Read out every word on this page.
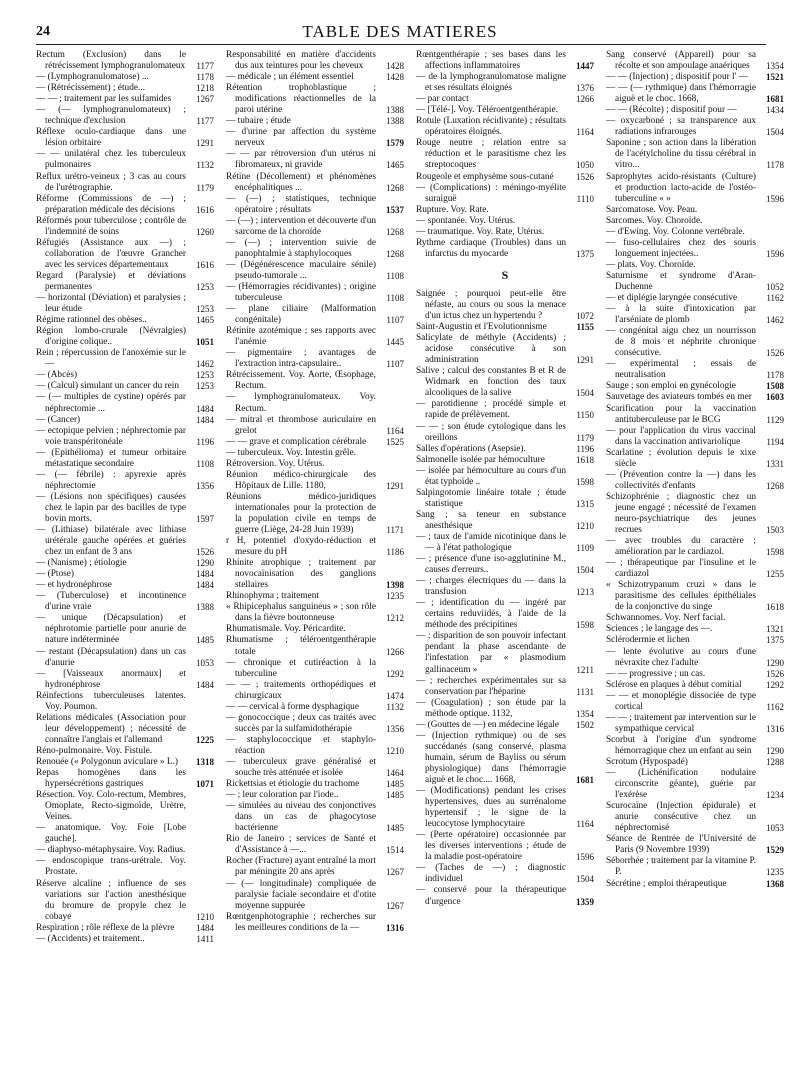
24	TABLE DES MATIERES
Rectum (Exclusion) dans le rétrécissement lymphogranulomateux 1177
— (Lymphogranulomatose) ...	1178
— (Rétrécissement) ; étude...	1218
— — ; traitement par les sulfamides	1267
— (— lymphogranulomateux) ; technique d'exclusion	1177
Réflexe oculo-cardiaque dans une lésion orbitaire	1291
— — unilatéral chez les tuberculeux pulmonaires	1132
Reflux urétro-veineux ; 3 cas au cours de l'urétrographie.	1179
Réforme (Commissions de —) ; préparation médicale des décisions 1616
Réformés pour tuberculose ; contrôle de l'indemnité de soins	1260
Réfugiés (Assistance aux —) ; collaboration de l'œuvre Grancher avec les services départementaux	1616
Regard (Paralysie) et déviations permanentes	1253
— horizontal (Déviation) et paralysies ; leur étude	1253
Régime rationnel des obèses..	1465
Région lombo-crurale (Névralgies) d'origine colique..	1051
Rein ; répercussion de l'anoxémie sur le —	1462
— (Abcès)	1253
— (Calcul) simulant un cancer du rein 1253
— (— multiples de cystine) opérés par néphrectomie ...	1484
— (Cancer)	1484
— ectopique pelvien ; néphrectomie par voie transpéritonéale	1196
— (Epithélioma) et tumeur orbitaire métastatique secondaire	1108
— (— fébrile) : apyrexie après néphrectomie	1356
— (Lésions non spécifiques) causées chez le lapin par des bacilles de type bovin morts.	1597
— (Lithiase) bilatérale avec lithiase urétérale gauche opérées et guéries chez un enfant de 3 ans	1526
— (Nanisme) ; étiologie	1290
— (Ptose)	1484
— et hydronéphrose	1484
— (Tuberculose) et incontinence d'urine vraie	1388
— unique (Décapsulation) et néphrotomie partielle pour anurie de nature indéterminée	1485
— restant (Décapsulation) dans un cas d'anurie	1053
— [Vaisseaux anormaux] et hydronéphrose	1484
Réinfections tuberculeuses latentes. Voy. Poumon.
Relations médicales (Association pour leur développement) ; nécessité de connaître l'anglais et l'allemand	1225
Réno-pulmonaire. Voy. Fistule.
Renouée (« Polygonun aviculare » L.) 1318
Repas homogènes dans les hypersécrétions gastriques	1071
Résection. Voy. Colo-rectum, Membres, Omoplate, Recto-sigmoïde, Urètre, Veines.
— anatomique. Voy. Foie [Lobe gauche].
— diaphyso-métaphysaire. Voy. Radius.
— endoscopique trans-urétrale. Voy. Prostate.
Réserve alcaline ; influence de ses variations sur l'action anesthésique du bromure de propyle chez le cobaye	1210
Respiration ; rôle réflexe de la plèvre 1484
— (Accidents) et traitement..	1411
Responsabilité en matière d'accidents dus aux teintures pour les cheveux	1428
— médicale ; un élément essentiel	1428
Rétention trophoblastique ; modifications réactionnelles de la paroi utérine	1388
— tubaire ; étude	1388
— d'urine par affection du système nerveux	1579
— — par rétroversion d'un utérus ni fibromateux, ni gravide	1465
Rétine (Décollement) et phénomènes encéphalitiques ...	1268
— (—) ; statistiques, technique opératoire ; résultats	1537
— (—) ; intervention et découverte d'un sarcome de la choroïde	1268
— (—) ; intervention suivie de panophtalmie à staphylocoques	1268
— (Dégénérescence maculaire sénile) pseudo-tumorale ...	1108
— (Hémorragies récidivantes) ; origine tuberculeuse	1108
— plane ciliaire (Malformation congénitale)	1107
Rétinite azotémique ; ses rapports avec l'anémie	1445
— pigmentaire ; avantages de l'extraction intra-capsulaire..	1107
Rétrécissement. Voy. Aorte, Œsophage, Rectum.
— lymphogranulomateux. Voy. Rectum.
— mitral et thrombose auriculaire en grelot	1164
— — grave et complication cérébrale 1525
— tuberculeux. Voy. Intestin grêle.
Rétroversion. Voy. Utérus.
Réunion médico-chirurgicale des Hôpitaux de Lille. 1180,	1291
Réunions médico-juridiques internationales pour la protection de la population civile en temps de guerre (Liège, 24-28 Juin 1939)	1171
r H, potentiel d'oxydo-réduction et mesure du pH	1186
Rhinite atrophique ; traitement par novocaïnisation des ganglions stellaires	1398
Rhinophyma ; traitement	1235
« Rhipicephalus sanguineus » ; son rôle dans la fièvre boutonneuse	1212
Rhumatismale. Voy. Péricardite.
Rhumatisme ; téléroentgenthérapie totale	1266
— chronique et cutiréaction à la tuberculine	1292
— — ; traitements orthopédiques et chirurgicaux	1474
— — cervical à forme dysphagique	1132
— gonococcique ; deux cas traités avec succès par la sulfamidothérapie	1356
— staphylococcique et staphylo-réaction	1210
— tuberculeux grave généralisé et souche très atténuée et isolée	1464
Rickettsias et étiologie du trachome	1485
— ; leur coloration par l'iode..	1485
— simulées au niveau des conjonctives dans un cas de phagocytose bactérienne	1485
Rio de Janeiro ; services de Santé et d'Assistance à —...	1514
Rocher (Fracture) ayant entraîné la mort par méningite 20 ans après	1267
— (— longitudinale) compliquée de paralysie faciale secondaire et d'otite moyenne suppurée	1267
Rœntgenphotographie ; recherches sur les meilleures conditions de la —	1316
Rœntgenthérapie ; ses bases dans les affections inflammatoires	1447
— de la lymphogranulomatose maligne et ses résultats éloignés	1376
— par contact	1266
— [Télé-]. Voy. Téléroentgenthérapie.
Rotule (Luxation récidivante) ; résultats opératoires éloignés.	1164
Rouge neutre ; relation entre sa réduction et le parasitisme chez les streptocoques	1050
Rougeole et emphysème sous-cutané 1526
— (Complications) : méningo-myélite suraiguë	1110
Rupture. Voy. Rate.
— spontanée. Voy. Utérus.
— traumatique. Voy. Rate, Utérus.
Rythme cardiaque (Troubles) dans un infarctus du myocarde	1375
S
Saignée ; pourquoi peut-elle être néfaste, au cours ou sous la menace d'un ictus chez un hypertendu ?	1072
Saint-Augustin et l'Evolutionnisme	1155
Salicylate de méthyle (Accidents) ; acidose consécutive à son administration	1291
Salive ; calcul des constantes B et R de Widmark en fonction des taux alcooliques de la salive	1504
— parotidienne ; procédé simple et rapide de prélèvement.	1150
— — ; son étude cytologique dans les oreillons	1179
Salles d'opérations (Asepsie).	1196
Salmonelle isolée par hémoculture	1618
— isolée par hémoculture au cours d'un état typhoïde ..	1598
Salpingotomie linéaire totale ; étude statistique	1315
Sang ; sa teneur en substance anesthésique	1210
— ; taux de l'amide nicotinique dans le — à l'état pathologique	1109
— ; présence d'une iso-agglutinine M., causes d'erreurs..	1504
— ; charges électriques du — dans la transfusion	1213
— ; identification du — ingéré par certains reduviidés, à l'aide de la méthode des précipitines	1598
— ; disparition de son pouvoir infectant pendant la phase ascendante de l'infestation par « plasmodium gallinaceum »	1211
— ; recherches expérimentales sur sa conservation par l'héparine	1131
— (Coagulation) ; son étude par la méthode optique. 1132,	1354
— (Gouttes de —) en médecine légale 1502
— (Injection rythmique) ou de ses succédanés (sang conservé, plasma humain, sérum de Bayliss ou sérum physiologique) dans l'hémorragie aiguë et le choc.... 1668,	1681
— (Modifications) pendant les crises hypertensives, dues au surrénalome hypertensif ; le signe de la leucocytose lymphocytaire	1164
— (Perte opératoire) occasionnée par les diverses interventions ; étude de la maladie post-opératoire	1596
— (Taches de —) ; diagnostic individuel	1504
— conservé pour la thérapeutique d'urgence	1359
Sang conservé (Appareil) pour sa récolte et son ampoulage anaériques 1354
— — (Injection) ; dispositif pour l' — 1521
— — (— rythmique) dans l'hémorragie aiguë et le choc. 1668,	1681
— — (Récolte) ; dispositif pour —	1434
— oxycarboné ; sa transparence aux radiations infrarouges	1504
Saponine ; son action dans la libération de l'acétylcholine du tissu cérébral in vitro...	1178
Saprophytes acido-résistants (Culture) et production lacto-acide de l'ostéo-tuberculine « »	1596
Sarcomatose. Voy. Peau.
Sarcomes. Voy. Choroïde.
— d'Ewing. Voy. Colonne vertébrale.
— fuso-cellulaires chez des souris longuement injectées..	1596
— plats. Voy. Choroïde.
Saturnisme et syndrome d'Aran-Duchenne	1052
— et diplégie laryngée consécutive	1162
— à la suite d'intoxication par l'arséniate de plomb	1462
— congénital aigu chez un nourrisson de 8 mois et néphrite chronique consécutive.	1526
— expérimental ; essais de neutralisation	1178
Sauge ; son emploi en gynécologie	1508
Sauvetage des aviateurs tombés en mer 1603
Scarification pour la vaccination antituberculeuse par le BCG	1129
— pour l'application du virus vaccinal dans la vaccination antivariolique	1194
Scarlatine ; évolution depuis le xixe siècle	1331
— (Prévention contre la —) dans les collectivités d'enfants	1268
Schizophrénie ; diagnostic chez un jeune engagé ; nécessité de l'examen neuro-psychiatrique des jeunes recrues	1503
— avec troubles du caractère ; amélioration par le cardiazol.	1598
— ; thérapeutique par l'insuline et le cardiazol	1255
« Schizotrypanum cruzi » dans le parasitisme des cellules épithéliales de la conjonctive du singe	1618
Schwannomes. Voy. Nerf facial.
Sciences ; le langage des —.	1321
Sclérodermie et lichen	1375
— lente évolutive au cours d'une névraxite chez l'adulte	1290
— — progressive ; un cas.	1526
Sclérose en plaques à début comitial	1292
— — et monoplégie dissociée de type cortical	1162
— — ; traitement par intervention sur le sympathique cervical	1316
Scorbut à l'origine d'un syndrome hémorragique chez un enfant au sein 1290
Scrotum (Hypospadé)	1288
— (Lichénification nodulaire circonscrite géante), guérie par l'exérèse	1234
Scurocaïne (Injection épidurale) et anurie consécutive chez un néphrectomisé	1053
Séance de Rentrée de l'Université de Paris (9 Novembre 1939)	1529
Séborrhée ; traitement par la vitamine P. P.	1235
Sécrétine ; emploi thérapeutique	1368
